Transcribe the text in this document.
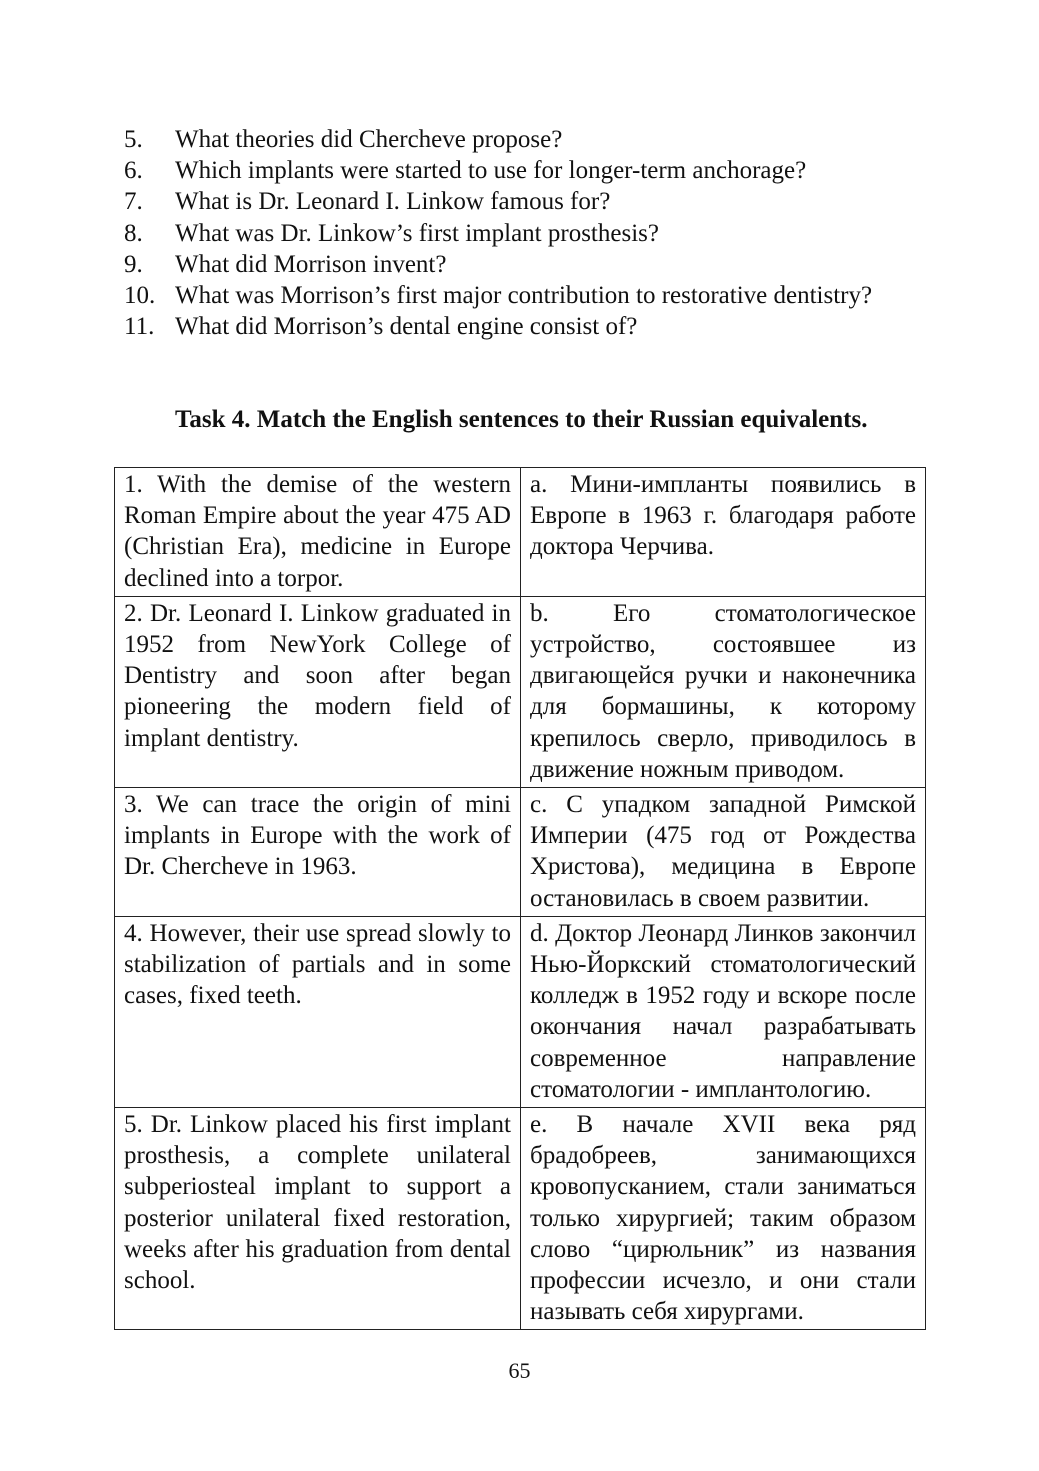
5. What theories did Chercheve propose?
6. Which implants were started to use for longer-term anchorage?
7. What is Dr. Leonard I. Linkow famous for?
8. What was Dr. Linkow’s first implant prosthesis?
9. What did Morrison invent?
10. What was Morrison’s first major contribution to restorative dentistry?
11. What did Morrison’s dental engine consist of?
Task 4. Match the English sentences to their Russian equivalents.
1. With the demise of the western Roman Empire about the year 475 AD (Christian Era), medicine in Europe declined into a torpor.	a. Мини-импланты появились в Европе в 1963 г. благодаря работе доктора Черчива.
2. Dr. Leonard I. Linkow graduated in 1952 from NewYork College of Dentistry and soon after began pioneering the modern field of implant dentistry.	b. Его стоматологическое устройство, состоявшее из двигающейся ручки и наконечника для бормашины, к которому крепилось сверло, приводилось в движение ножным приводом.
3. We can trace the origin of mini implants in Europe with the work of Dr. Chercheve in 1963.	c. С упадком западной Римской Империи (475 год от Рождества Христова), медицина в Европе остановилась в своем развитии.
4. However, their use spread slowly to stabilization of partials and in some cases, fixed teeth.	d. Доктор Леонард Линков закончил Нью-Йоркский стоматологический колледж в 1952 году и вскоре после окончания начал разрабатывать современное направление стоматологии - имплантологию.
5. Dr. Linkow placed his first implant prosthesis, a complete unilateral subperiosteal implant to support a posterior unilateral fixed restoration, weeks after his graduation from dental school.	e. В начале XVII века ряд брадобреев, занимающихся кровопусканием, стали заниматься только хирургией; таким образом слово “цирюльник” из названия профессии исчезло, и они стали называть себя хирургами.
65
